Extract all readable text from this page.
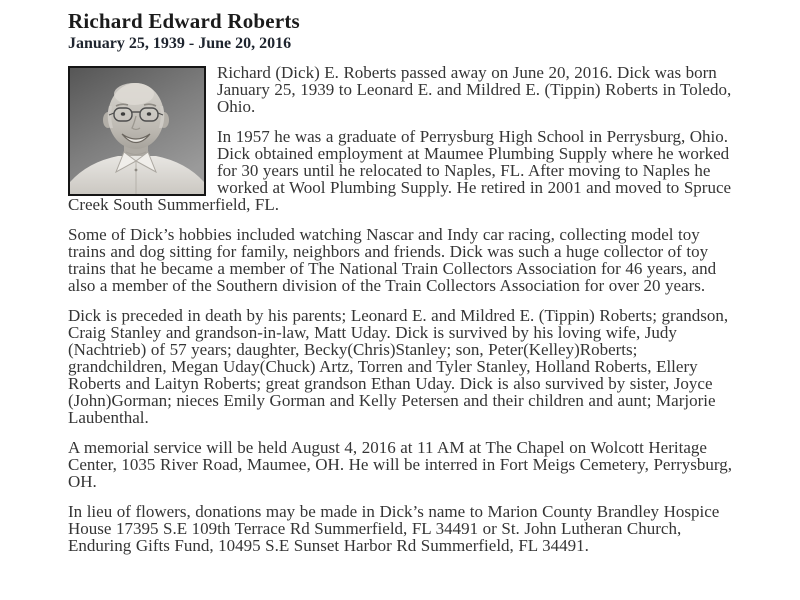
Richard Edward Roberts
January 25, 1939 - June 20, 2016

Richard (Dick) E. Roberts passed away on June 20, 2016. Dick was born January 25, 1939 to Leonard E. and Mildred E. (Tippin) Roberts in Toledo, Ohio.

In 1957 he was a graduate of Perrysburg High School in Perrysburg, Ohio. Dick obtained employment at Maumee Plumbing Supply where he worked for 30 years until he relocated to Naples, FL. After moving to Naples he worked at Wool Plumbing Supply. He retired in 2001 and moved to Spruce Creek South Summerfield, FL.

Some of Dick’s hobbies included watching Nascar and Indy car racing, collecting model toy trains and dog sitting for family, neighbors and friends. Dick was such a huge collector of toy trains that he became a member of The National Train Collectors Association for 46 years, and also a member of the Southern division of the Train Collectors Association for over 20 years.

Dick is preceded in death by his parents; Leonard E. and Mildred E. (Tippin) Roberts; grandson, Craig Stanley and grandson-in-law, Matt Uday. Dick is survived by his loving wife, Judy (Nachtrieb) of 57 years; daughter, Becky(Chris)Stanley; son, Peter(Kelley)Roberts; grandchildren, Megan Uday(Chuck) Artz, Torren and Tyler Stanley, Holland Roberts, Ellery Roberts and Laityn Roberts; great grandson Ethan Uday. Dick is also survived by sister, Joyce (John)Gorman; nieces Emily Gorman and Kelly Petersen and their children and aunt; Marjorie Laubenthal.

A memorial service will be held August 4, 2016 at 11 AM at The Chapel on Wolcott Heritage Center, 1035 River Road, Maumee, OH. He will be interred in Fort Meigs Cemetery, Perrysburg, OH.

In lieu of flowers, donations may be made in Dick’s name to Marion County Brandley Hospice House 17395 S.E 109th Terrace Rd Summerfield, FL 34491 or St. John Lutheran Church, Enduring Gifts Fund, 10495 S.E Sunset Harbor Rd Summerfield, FL 34491.
